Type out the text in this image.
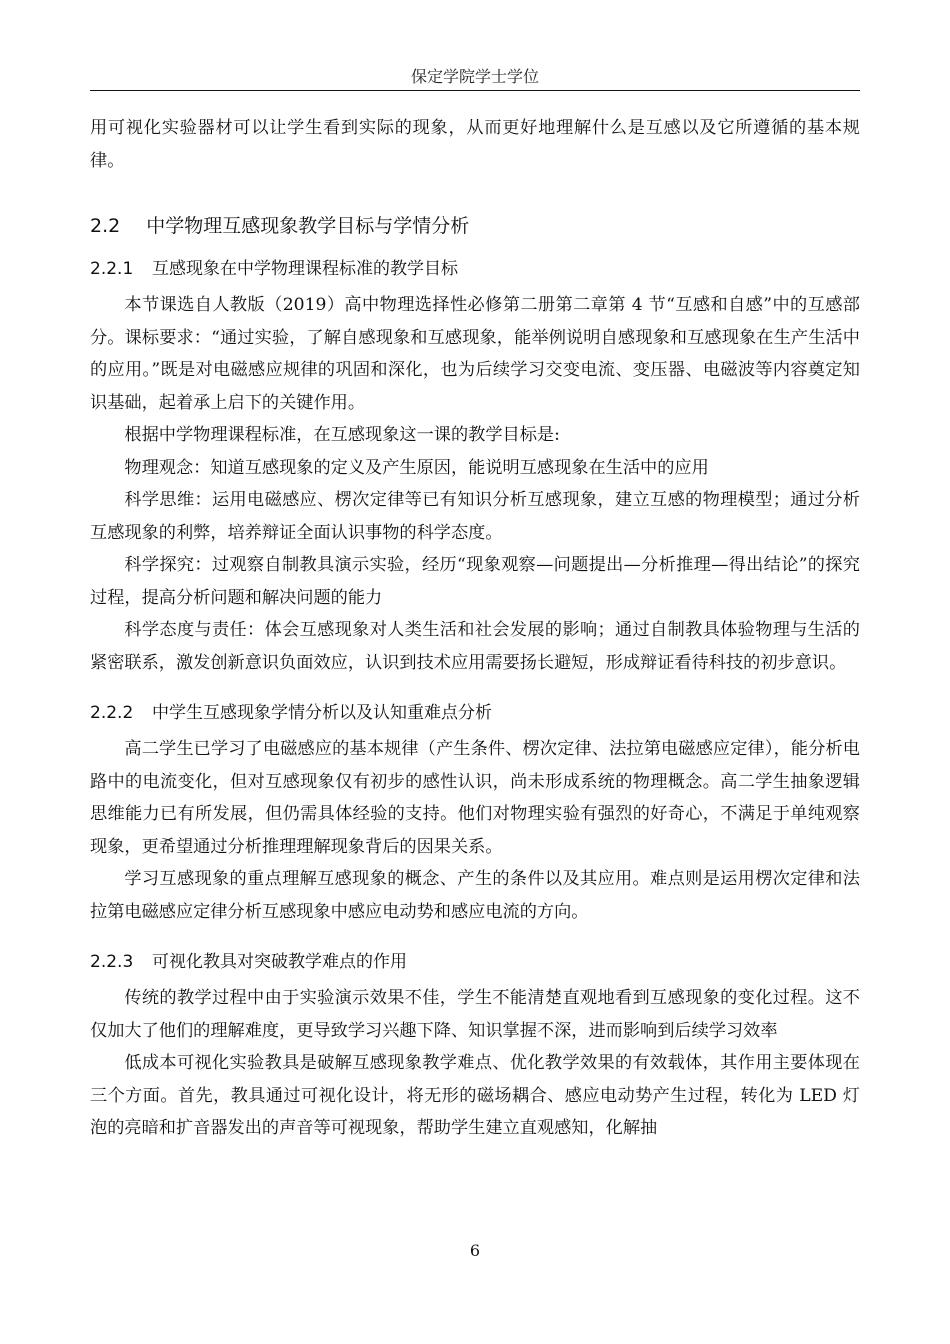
保定学院学士学位

用可视化实验器材可以让学生看到实际的现象，从而更好地理解什么是互感以及它所遵循的基本规律。

2.2 中学物理互感现象教学目标与学情分析
2.2.1 互感现象在中学物理课程标准的教学目标

本节课选自人教版（2019）高中物理选择性必修第二册第二章第 4 节“互感和自感”中的互感部分。课标要求：“通过实验，了解自感现象和互感现象，能举例说明自感现象和互感现象在生产生活中的应用。”既是对电磁感应规律的巩固和深化，也为后续学习交变电流、变压器、电磁波等内容奠定知识基础，起着承上启下的关键作用。

根据中学物理课程标准，在互感现象这一课的教学目标是:

物理观念：知道互感现象的定义及产生原因，能说明互感现象在生活中的应用

科学思维：运用电磁感应、楞次定律等已有知识分析互感现象，建立互感的物理模型；通过分析互感现象的利弊，培养辩证全面认识事物的科学态度。

科学探究：过观察自制教具演示实验，经历“现象观察—问题提出—分析推理—得出结论”的探究过程，提高分析问题和解决问题的能力

科学态度与责任：体会互感现象对人类生活和社会发展的影响；通过自制教具体验物理与生活的紧密联系，激发创新意识负面效应，认识到技术应用需要扬长避短，形成辩证看待科技的初步意识。

2.2.2 中学生互感现象学情分析以及认知重难点分析

高二学生已学习了电磁感应的基本规律（产生条件、楞次定律、法拉第电磁感应定律），能分析电路中的电流变化，但对互感现象仅有初步的感性认识，尚未形成系统的物理概念。高二学生抽象逻辑思维能力已有所发展，但仍需具体经验的支持。他们对物理实验有强烈的好奇心，不满足于单纯观察现象，更希望通过分析推理理解现象背后的因果关系。

学习互感现象的重点理解互感现象的概念、产生的条件以及其应用。难点则是运用楞次定律和法拉第电磁感应定律分析互感现象中感应电动势和感应电流的方向。

2.2.3 可视化教具对突破教学难点的作用

传统的教学过程中由于实验演示效果不佳，学生不能清楚直观地看到互感现象的变化过程。这不仅加大了他们的理解难度，更导致学习兴趣下降、知识掌握不深，进而影响到后续学习效率

低成本可视化实验教具是破解互感现象教学难点、优化教学效果的有效载体，其作用主要体现在三个方面。首先，教具通过可视化设计，将无形的磁场耦合、感应电动势产生过程，转化为 LED 灯泡的亮暗和扩音器发出的声音等可视现象，帮助学生建立直观感知，化解抽

6
